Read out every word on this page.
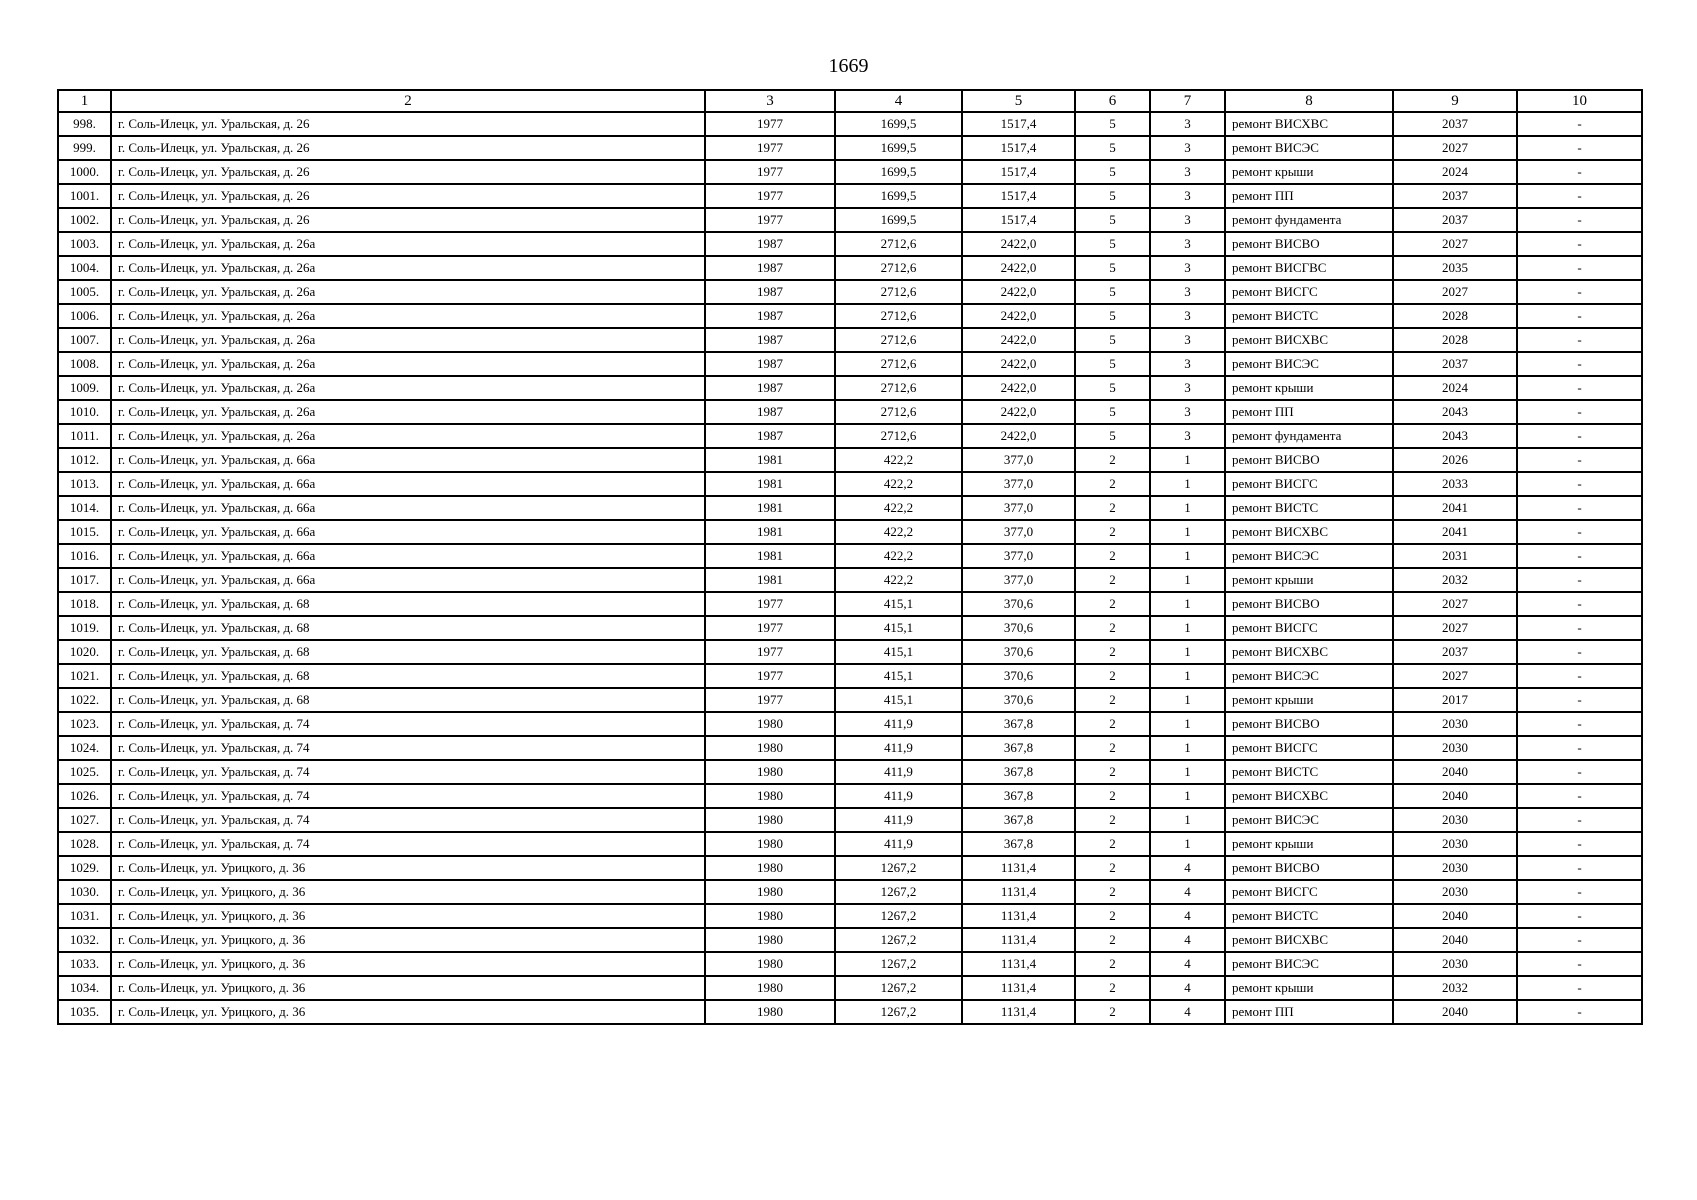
1669
1	2	3	4	5	6	7	8	9	10
998.	г. Соль-Илецк, ул. Уральская, д. 26	1977	1699,5	1517,4	5	3	ремонт ВИСХВС	2037	-
999.	г. Соль-Илецк, ул. Уральская, д. 26	1977	1699,5	1517,4	5	3	ремонт ВИСЭС	2027	-
1000.	г. Соль-Илецк, ул. Уральская, д. 26	1977	1699,5	1517,4	5	3	ремонт крыши	2024	-
1001.	г. Соль-Илецк, ул. Уральская, д. 26	1977	1699,5	1517,4	5	3	ремонт ПП	2037	-
1002.	г. Соль-Илецк, ул. Уральская, д. 26	1977	1699,5	1517,4	5	3	ремонт фундамента	2037	-
1003.	г. Соль-Илецк, ул. Уральская, д. 26а	1987	2712,6	2422,0	5	3	ремонт ВИСВО	2027	-
1004.	г. Соль-Илецк, ул. Уральская, д. 26а	1987	2712,6	2422,0	5	3	ремонт ВИСГВС	2035	-
1005.	г. Соль-Илецк, ул. Уральская, д. 26а	1987	2712,6	2422,0	5	3	ремонт ВИСГС	2027	-
1006.	г. Соль-Илецк, ул. Уральская, д. 26а	1987	2712,6	2422,0	5	3	ремонт ВИСТС	2028	-
1007.	г. Соль-Илецк, ул. Уральская, д. 26а	1987	2712,6	2422,0	5	3	ремонт ВИСХВС	2028	-
1008.	г. Соль-Илецк, ул. Уральская, д. 26а	1987	2712,6	2422,0	5	3	ремонт ВИСЭС	2037	-
1009.	г. Соль-Илецк, ул. Уральская, д. 26а	1987	2712,6	2422,0	5	3	ремонт крыши	2024	-
1010.	г. Соль-Илецк, ул. Уральская, д. 26а	1987	2712,6	2422,0	5	3	ремонт ПП	2043	-
1011.	г. Соль-Илецк, ул. Уральская, д. 26а	1987	2712,6	2422,0	5	3	ремонт фундамента	2043	-
1012.	г. Соль-Илецк, ул. Уральская, д. 66а	1981	422,2	377,0	2	1	ремонт ВИСВО	2026	-
1013.	г. Соль-Илецк, ул. Уральская, д. 66а	1981	422,2	377,0	2	1	ремонт ВИСГС	2033	-
1014.	г. Соль-Илецк, ул. Уральская, д. 66а	1981	422,2	377,0	2	1	ремонт ВИСТС	2041	-
1015.	г. Соль-Илецк, ул. Уральская, д. 66а	1981	422,2	377,0	2	1	ремонт ВИСХВС	2041	-
1016.	г. Соль-Илецк, ул. Уральская, д. 66а	1981	422,2	377,0	2	1	ремонт ВИСЭС	2031	-
1017.	г. Соль-Илецк, ул. Уральская, д. 66а	1981	422,2	377,0	2	1	ремонт крыши	2032	-
1018.	г. Соль-Илецк, ул. Уральская, д. 68	1977	415,1	370,6	2	1	ремонт ВИСВО	2027	-
1019.	г. Соль-Илецк, ул. Уральская, д. 68	1977	415,1	370,6	2	1	ремонт ВИСГС	2027	-
1020.	г. Соль-Илецк, ул. Уральская, д. 68	1977	415,1	370,6	2	1	ремонт ВИСХВС	2037	-
1021.	г. Соль-Илецк, ул. Уральская, д. 68	1977	415,1	370,6	2	1	ремонт ВИСЭС	2027	-
1022.	г. Соль-Илецк, ул. Уральская, д. 68	1977	415,1	370,6	2	1	ремонт крыши	2017	-
1023.	г. Соль-Илецк, ул. Уральская, д. 74	1980	411,9	367,8	2	1	ремонт ВИСВО	2030	-
1024.	г. Соль-Илецк, ул. Уральская, д. 74	1980	411,9	367,8	2	1	ремонт ВИСГС	2030	-
1025.	г. Соль-Илецк, ул. Уральская, д. 74	1980	411,9	367,8	2	1	ремонт ВИСТС	2040	-
1026.	г. Соль-Илецк, ул. Уральская, д. 74	1980	411,9	367,8	2	1	ремонт ВИСХВС	2040	-
1027.	г. Соль-Илецк, ул. Уральская, д. 74	1980	411,9	367,8	2	1	ремонт ВИСЭС	2030	-
1028.	г. Соль-Илецк, ул. Уральская, д. 74	1980	411,9	367,8	2	1	ремонт крыши	2030	-
1029.	г. Соль-Илецк, ул. Урицкого, д. 36	1980	1267,2	1131,4	2	4	ремонт ВИСВО	2030	-
1030.	г. Соль-Илецк, ул. Урицкого, д. 36	1980	1267,2	1131,4	2	4	ремонт ВИСГС	2030	-
1031.	г. Соль-Илецк, ул. Урицкого, д. 36	1980	1267,2	1131,4	2	4	ремонт ВИСТС	2040	-
1032.	г. Соль-Илецк, ул. Урицкого, д. 36	1980	1267,2	1131,4	2	4	ремонт ВИСХВС	2040	-
1033.	г. Соль-Илецк, ул. Урицкого, д. 36	1980	1267,2	1131,4	2	4	ремонт ВИСЭС	2030	-
1034.	г. Соль-Илецк, ул. Урицкого, д. 36	1980	1267,2	1131,4	2	4	ремонт крыши	2032	-
1035.	г. Соль-Илецк, ул. Урицкого, д. 36	1980	1267,2	1131,4	2	4	ремонт ПП	2040	-
